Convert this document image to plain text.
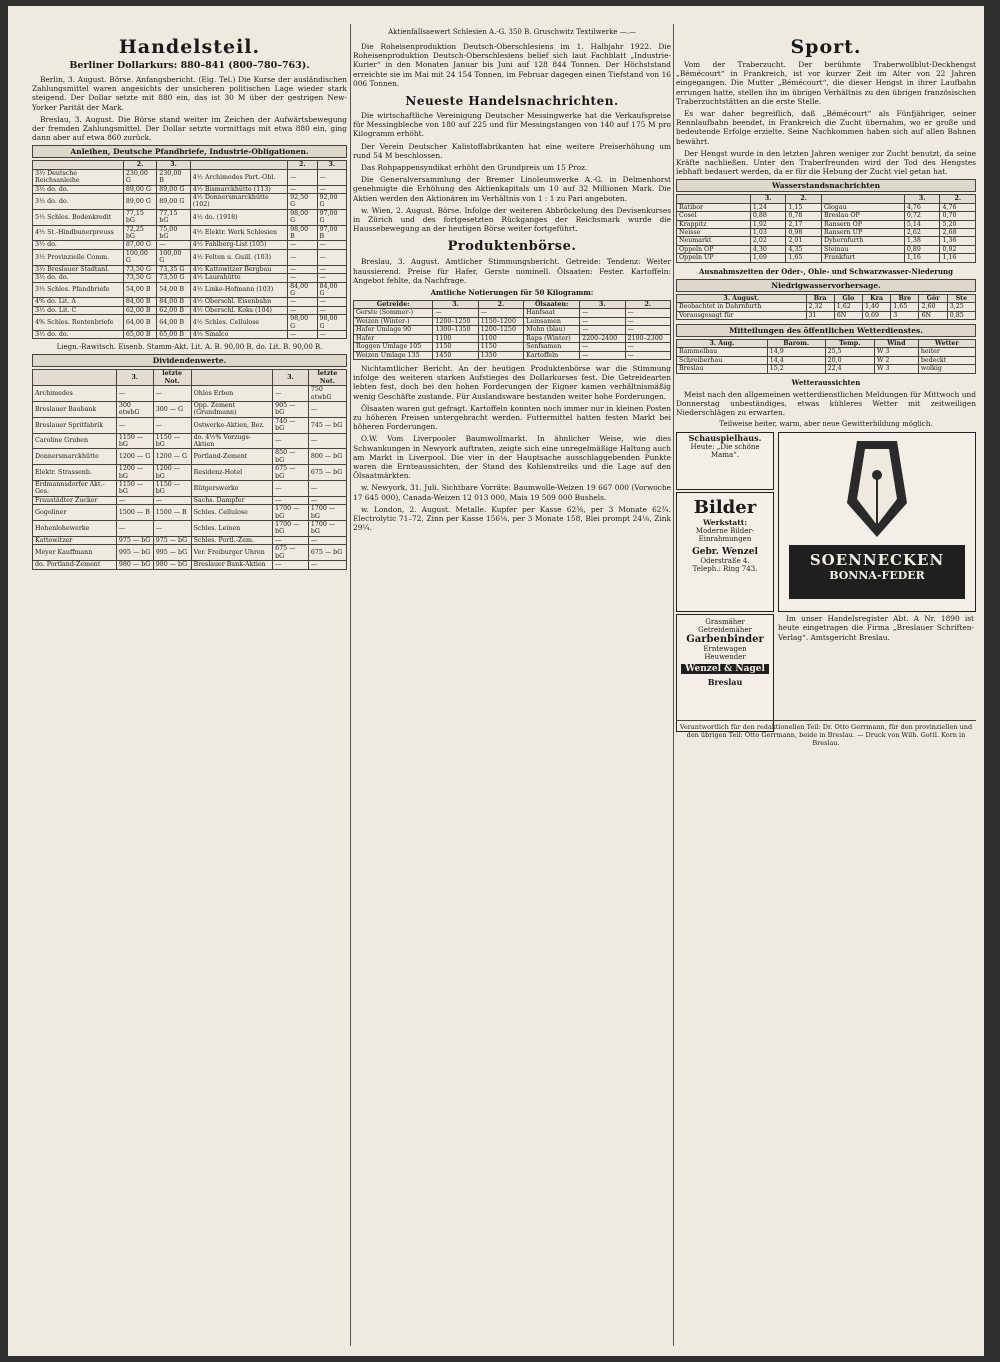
Handelsteil.
Berliner Dollarkurs: 880–841 (800–780–763).

Berlin, 3. August. Börse. Anfangsbericht. (Eig. Tel.) Die Kurse der ausländischen Zahlungsmittel waren angesichts der unsicheren politischen Lage wieder stark steigend. Der Dollar setzte mit 880 ein, das ist 30 M über der gestrigen New-Yorker Parität der Mark.

Breslau, 3. August. Die Börse stand weiter im Zeichen der Aufwärtsbewegung der fremden Zahlungsmittel. Der Dollar setzte vormittags mit etwa 880 ein, ging dann aber auf etwa 860 zurück.

Anleihen, Deutsche Pfandbriefe, Industrie-Obligationen.
	2.	3.		2.	3.
3½ Deutsche Reichsanleihe	230,00 G	230,00 B	4½ Archimedes Part.-Obl.	—	—
3½ do. do.	89,00 G	89,00 G	4½ Bismarckhütte (113)	—	—
3½ do. do.	89,00 G	89,00 G	4½ Donnersmarckhütte (102)	92,50 G	92,00 G
5½ Schles. Bodenkredit	77,15 bG	77,15 bG	4½ do. (1918)	98,00 G	97,00 G
4½ St.-Hindbunerpreuss	72,25 bG	75,00 bG	4½ Elektr. Werk Schlesien	98,00 B	97,00 B
3½ do.	87,00 G	—	4½ Fahlberg-List (105)	—	—
3½ Provinzielle Comm.	100,00 G	100,00 G	4½ Felten u. Guill. (103)	—	—
3½ Breslauer Stadtanl.	73,50 G	73,35 G	4½ Kattowitzer Bergbau	—	—
3½ do. do.	73,50 G	73,50 G	4½ Laurahütte	—	—
3½ Schles. Pfandbriefe	54,00 B	54,00 B	4½ Linke-Hofmann (103)	84,00 G	84,00 G
4% do. Lit. A	84,00 B	84,00 B	4½ Oberschl. Eisenbahn	—	—
3½ do. Lit. C	62,00 B	62,00 B	4½ Oberschl. Koks (104)	—	—
4% Schles. Rentenbriefe	64,00 B	64,00 B	4½ Schles. Cellulose	98,00 G	98,00 G
3½ do. do.	65,00 B	65,00 B	4½ Sinalco	—	—
Liegn.-Rawitsch. Eisenb. Stamm-Akt. Lit. A. B. 90,00 B, do. Lit. B. 90,00 B.
Dividendenwerte.
	3.	letzte Not.		3.	letzte Not.
Archimedes	—	—	Ohles Erben	—	750 etwbG
Breslauer Baubank	300 etwbG	300 — G	Opp. Zement (Grundmann)	905 — bG	—
Breslauer Spritfabrik	—	—	Ostwerke-Aktien, Bez.	740 — bG	745 — bG
Caroline Gruben	1150 — bG	1150 — bG	do. 4½% Vorzugs-Aktien	—	—
Donnersmarckhütte	1200 — G	1200 — G	Portland-Zement	850 — bG	800 — bG
Elektr. Strassenb.	1200 — bG	1200 — bG	Residenz-Hotel	675 — bG	675 — bG
Erdmannsdorfer Akt.-Ges.	1150 — bG	1150 — bG	Rütgerswerke	—	—
Fraustädter Zucker	—	—	Sachs. Dampfer	—	—
Gogoliner	1500 — B	1500 — B	Schles. Cellulose	1700 — bG	1700 — bG
Hohenlohewerke	—	—	Schles. Leinen	1700 — bG	1700 — bG
Kattowitzer	975 — bG	975 — bG	Schles. Portl.-Zem.	—	—
Meyer Kauffmann	995 — bG	995 — bG	Ver. Freiburger Uhren	675 — bG	675 — bG
do. Portland-Zement	980 — bG	980 — bG	Breslauer Bank-Aktien	—	—
Aktienfallsaewert Schlesien A.-G. 350 B. Gruschwitz Textilwerke —.—

Die Roheisenproduktion Deutsch-Oberschlesiens im 1. Halbjahr 1922. Die Roheisenproduktion Deutsch-Oberschlesiens belief sich laut Fachblatt „Industrie-Kurier“ in den Monaten Januar bis Juni auf 128 844 Tonnen. Der Höchststand erreichte sie im Mai mit 24 154 Tonnen, im Februar dagegen einen Tiefstand von 16 006 Tonnen.

Neueste Handelsnachrichten.

Die wirtschaftliche Vereinigung Deutscher Messingwerke hat die Verkaufspreise für Messingbleche von 180 auf 225 und für Messingstangen von 140 auf 175 M pro Kilogramm erhöht.

Der Verein Deutscher Kalistoffabrikanten hat eine weitere Preiserhöhung um rund 54 M beschlossen.

Das Rohpappensyndikat erhöht den Grundpreis um 15 Proz.

Die Generalversammlung der Bremer Linoleumwerke A.-G. in Delmenhorst genehmigte die Erhöhung des Aktienkapitals um 10 auf 32 Millionen Mark. Die Aktien werden den Aktionären im Verhältnis von 1 : 1 zu Pari angeboten.

w. Wien, 2. August. Börse. Infolge der weiteren Abbröckelung des Devisenkurses in Zürich und des fortgesetzten Rückganges der Reichsmark wurde die Haussebewegung an der heutigen Börse weiter fortgeführt.

Produktenbörse.

Breslau, 3. August. Amtlicher Stimmungsbericht. Getreide: Tendenz: Weiter haussierend. Preise für Hafer, Gerste nominell. Ölsaaten: Fester. Kartoffeln: Angebot fehlte, da Nachfrage.

Amtliche Notierungen für 50 Kilogramm:
Getreide:	3.	2.	Ölsaaten:	3.	2.
Gerste (Sommer-)	—	—	Hanfsaat	—	—
Weizen (Winter-)	1200–1250	1150–1200	Leinsamen	—	—
Hafer Umlage 90	1300–1350	1200–1250	Mohn (blau)	—	—
Hafer	1100	1100	Raps (Winter)	2200–2400	2100–2300
Roggen Umlage 105	1150	1150	Senfsamen	—	—
Weizen Umlage 135	1450	1350	Kartoffeln	—	—

Nichtamtlicher Bericht. An der heutigen Produktenbörse war die Stimmung infolge des weiteren starken Aufstieges des Dollarkurses fest. Die Getreidearten lebten fest, doch bei den hohen Forderungen der Eigner kamen verhältnismäßig wenig Geschäfte zustande. Für Auslandsware bestanden weiter hohe Forderungen.

Ölsaaten waren gut gefragt. Kartoffeln konnten noch immer nur in kleinen Posten zu höheren Preisen untergebracht werden. Futtermittel hatten festen Markt bei höheren Forderungen.

O.W. Vom Liverpooler Baumwollmarkt. In ähnlicher Weise, wie dies Schwankungen in Newyork auftraten, zeigte sich eine unregelmäßige Haltung auch am Markt in Liverpool. Die vier in der Hauptsache ausschlaggebenden Punkte waren die Ernteaussichten, der Stand des Kohlenstreiks und die Lage auf den Ölsaatmärkten.

w. Newyork, 31. Juli. Sichtbare Vorräte: Baumwolle-Weizen 19 667 000 (Vorwoche 17 645 000), Canada-Weizen 12 013 000, Mais 19 509 000 Bushels.

w. London, 2. August. Metalle. Kupfer per Kasse 62⅜, per 3 Monate 62¾. Electrolytic 71–72, Zinn per Kasse 156⅛, per 3 Monate 158, Blei prompt 24⅛, Zink 29¼.

Sport.

Vom der Traberzucht. Der berühmte Traberwollblut-Deckhengst „Bémécourt“ in Frankreich, ist vor kurzer Zeit im Alter von 22 Jahren eingegangen. Die Mutter „Bémécourt“, die dieser Hengst in ihrer Laufbahn errungen hatte, stellen ihn im übrigen Verhältnis zu den übrigen französischen Traberzuchtstätten an die erste Stelle.

Es war daher begreiflich, daß „Bémécourt“ als Fünfjähriger, seiner Rennlaufbahn beendet, in Frankreich die Zucht übernahm, wo er große und bedeutende Erfolge erzielte. Seine Nachkommen haben sich auf allen Bahnen bewährt.

Der Hengst wurde in den letzten Jahren weniger zur Zucht benutzt, da seine Kräfte nachließen. Unter den Traberfreunden wird der Tod des Hengstes lebhaft bedauert werden, da er für die Hebung der Zucht viel getan hat.

Wasserstandsnachrichten
	3.	2.		3.	2.
Ratibor	1,24	1,15	Glogau	4,76	4,76
Cosel	0,88	0,78	Breslau OP	0,72	0,70
Krappitz	1,92	2,17	Ransern OP	5,14	5,20
Neisse	1,03	0,98	Ransern UP	2,62	2,68
Neumarkt	2,02	2,01	Dyhernfurth	1,38	1,36
Oppeln OP	4,30	4,35	Steinau	0,89	0,92
Oppeln UP	1,69	1,65	Frankfurt	1,16	1,16
Ausnahmszeiten der Oder-, Ohle- und Schwarzwasser-Niederung
Niedrigwasservorhersage.
3. August.	Bra	Glo	Kra	Bre	Gör	Ste
Beobachtet in Dahrnfurth	2,32	1,62	1,40	1,65	2,60	3,25
Vorausgesagt für	31	6N	0,69	3	6N	0,85
Mitteilungen des öffentlichen Wetterdienstes.
3. Aug.	Barom.	Temp.	Wind	Wetter
Rammelbau	14,9	25,5	W 3	heiter
Schreiberhau	14,4	20,0	W 2	bedeckt
Breslau	15,2	22,4	W 3	wolkig
Wetteraussichten

Meist nach den allgemeinen wetterdienstlichen Meldungen für Mittwoch und Donnerstag unbeständiges, etwas kühleres Wetter mit zeitweiligen Niederschlägen zu erwarten.

Teilweise heiter, warm, aber neue Gewitterbildung möglich.
Schauspielhaus.
Heute: „Die schöne Mama“.
Bilder
Werkstatt:
Moderne Bilder-Einrahmungen
Gebr. Wenzel
Oderstraße 4.
Teleph.: Ring 743.	SOENNECKEN
BONNA-FEDER
Grasmäher
Getreidemäher
Garbenbinder
Erntewagen
Heuwender
Wenzel & Nagel
Breslau

Im unser Handelsregister Abt. A Nr. 1890 ist heute eingetragen die Firma „Breslauer Schriften-Verlag“. Amtsgericht Breslau.

Verantwortlich für den redaktionellen Teil: Dr. Otto Gerrmann, für den provinziellen und den übrigen Teil: Otto Gerrmann, beide in Breslau. — Druck von Wilh. Gottl. Korn in Breslau.
